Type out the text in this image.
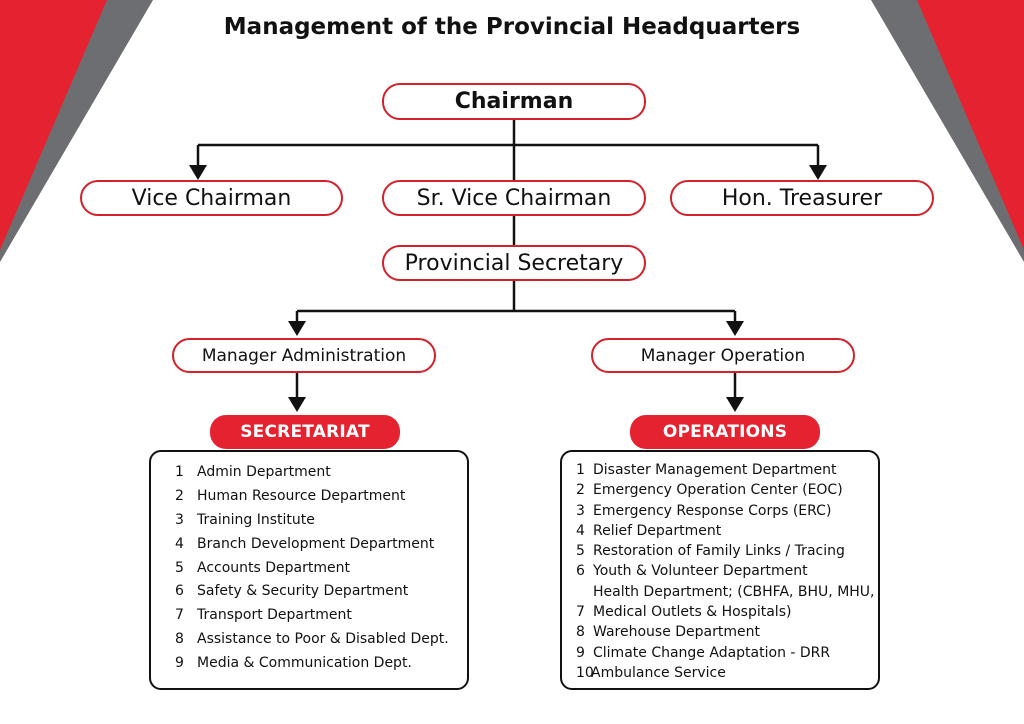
Management of the Provincial Headquarters
Chairman
Vice Chairman	Sr. Vice Chairman	Hon. Treasurer
Provincial Secretary
Manager Administration	Manager Operation
SECRETARIAT	OPERATIONS
1 Admin Department
2 Human Resource Department
3 Training Institute
4 Branch Development Department
5 Accounts Department
6 Safety & Security Department
7 Transport Department
8 Assistance to Poor & Disabled Dept.
9 Media & Communication Dept.
1 Disaster Management Department
2 Emergency Operation Center (EOC)
3 Emergency Response Corps (ERC)
4 Relief Department
5 Restoration of Family Links / Tracing
6 Youth & Volunteer Department
Health Department; (CBHFA, BHU, MHU,
7 Medical Outlets & Hospitals)
8 Warehouse Department
9 Climate Change Adaptation - DRR
10
Ambulance Service
